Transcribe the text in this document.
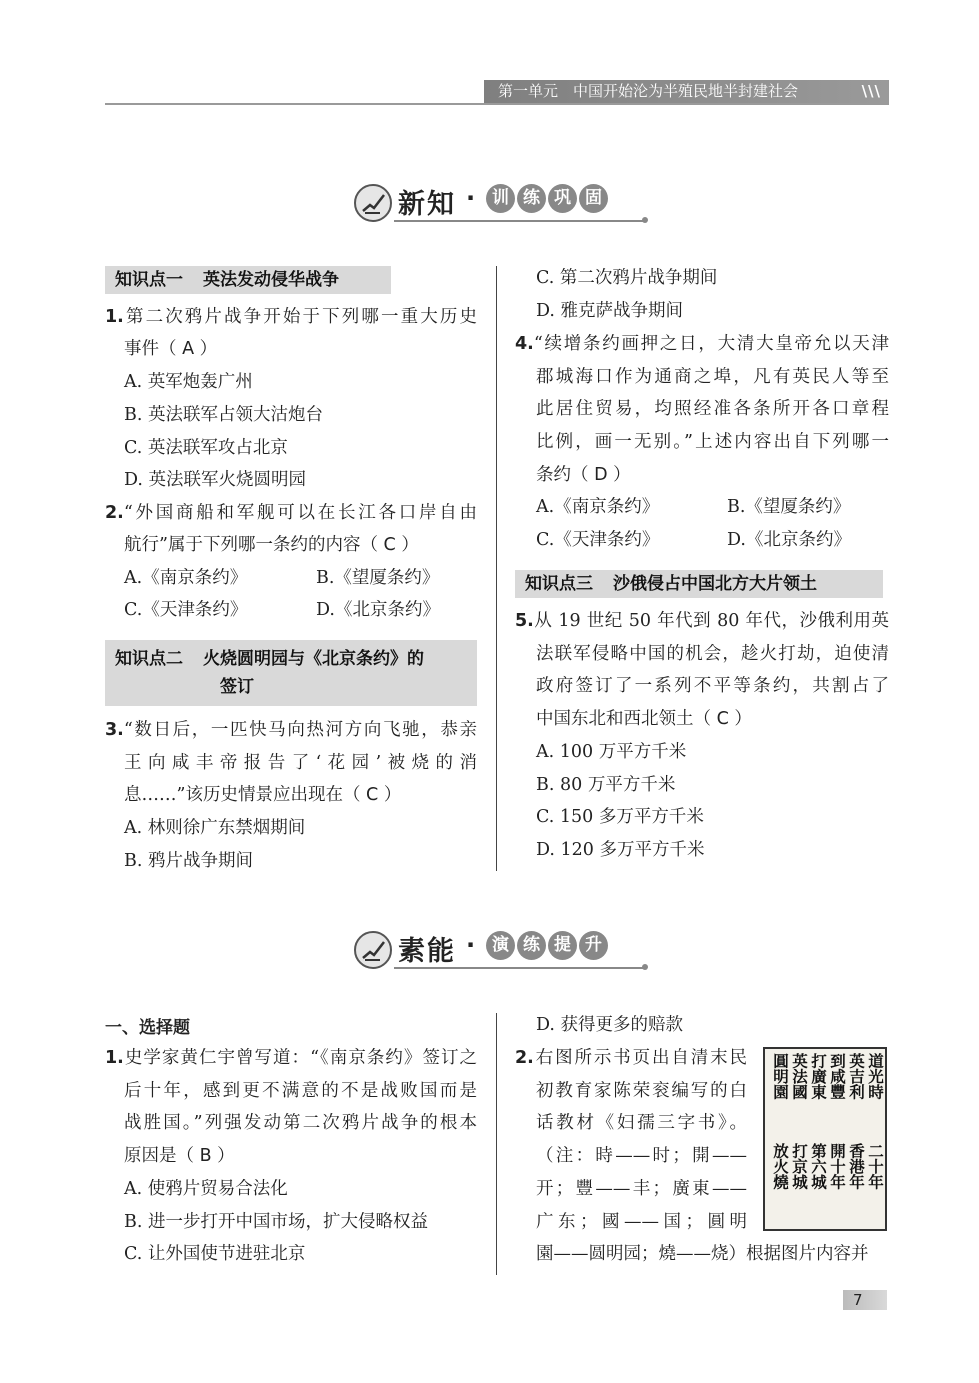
第一单元　中国开始沦为半殖民地半封建社会	\\\
新知 · 训 练 巩 固
知识点一 英法发动侵华战争
1.第二次鸦片战争开始于下列哪一重大历史
事件（ A ）
A. 英军炮轰广州
B. 英法联军占领大沽炮台
C. 英法联军攻占北京
D. 英法联军火烧圆明园
2.“外国商船和军舰可以在长江各口岸自由
航行”属于下列哪一条约的内容（ C ）
A.《南京条约》	B.《望厦条约》
C.《天津条约》	D.《北京条约》
知识点二 火烧圆明园与《北京条约》的
签订
3.“数日后，一匹快马向热河方向飞驰，恭亲
王向咸丰帝报告了‘花园’被烧的消
息……”该历史情景应出现在（ C ）
A. 林则徐广东禁烟期间
B. 鸦片战争期间
C. 第二次鸦片战争期间
D. 雅克萨战争期间
4.“续增条约画押之日，大清大皇帝允以天津
郡城海口作为通商之埠，凡有英民人等至
此居住贸易，均照经准各条所开各口章程
比例，画一无别。”上述内容出自下列哪一
条约（ D ）
A.《南京条约》	B.《望厦条约》
C.《天津条约》	D.《北京条约》
知识点三 沙俄侵占中国北方大片领土
5.从 19 世纪 50 年代到 80 年代，沙俄利用英
法联军侵略中国的机会，趁火打劫，迫使清
政府签订了一系列不平等条约，共割占了
中国东北和西北领土（ C ）
A. 100 万平方千米
B. 80 万平方千米
C. 150 多万平方千米
D. 120 多万平方千米
素能 · 演 练 提 升
一、选择题
1.史学家黄仁宇曾写道：“《南京条约》签订之
后十年，感到更不满意的不是战败国而是
战胜国。”列强发动第二次鸦片战争的根本
原因是（ B ）
A. 使鸦片贸易合法化
B. 进一步打开中国市场，扩大侵略权益
C. 让外国使节进驻北京
D. 获得更多的赔款
2.右图所示书页出自清末民
初教育家陈荣衮编写的白
话教材《妇孺三字书》。
（注：時——时；開——
开；豐——丰；廣東——
广东；國——国；圓明
園——圆明园；燒——烧）根据图片内容并
道光時
英吉利
到咸豐
打廣東
英法國
圓明園
二十年
香港年
開十年
第六城
打京城
放火燒
7
